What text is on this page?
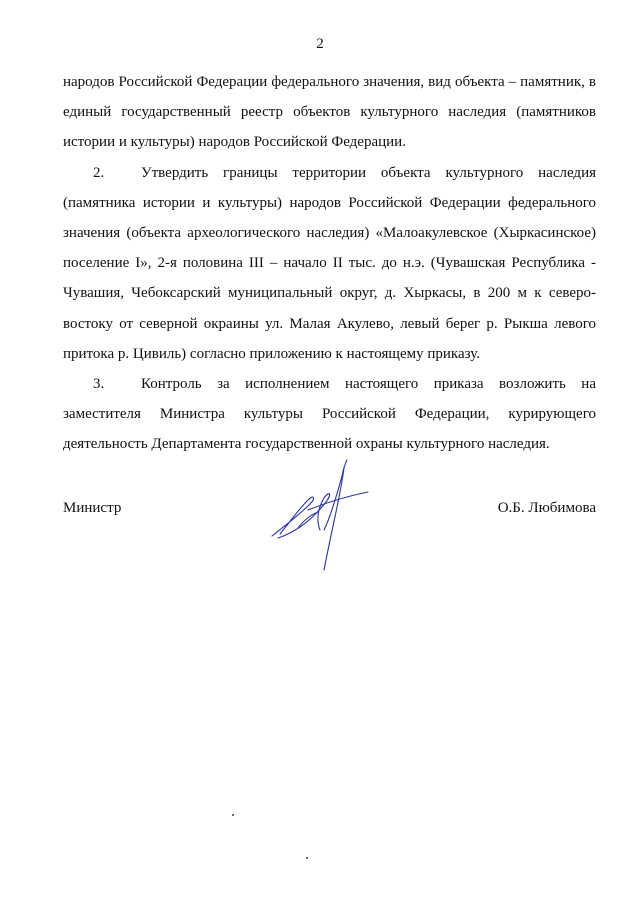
2

народов Российской Федерации федерального значения, вид объекта – памятник, в единый государственный реестр объектов культурного наследия (памятников истории и культуры) народов Российской Федерации.

2. Утвердить границы территории объекта культурного наследия (памятника истории и культуры) народов Российской Федерации федерального значения (объекта археологического наследия) «Малоакулевское (Хыркасинское) поселение I», 2-я половина III – начало II тыс. до н.э. (Чувашская Республика - Чувашия, Чебоксарский муниципальный округ, д. Хыркасы, в 200 м к северо-востоку от северной окраины ул. Малая Акулево, левый берег р. Рыкша левого притока р. Цивиль) согласно приложению к настоящему приказу.

3. Контроль за исполнением настоящего приказа возложить на заместителя Министра культуры Российской Федерации, курирующего деятельность Департамента государственной охраны культурного наследия.

Министр	О.Б. Любимова
